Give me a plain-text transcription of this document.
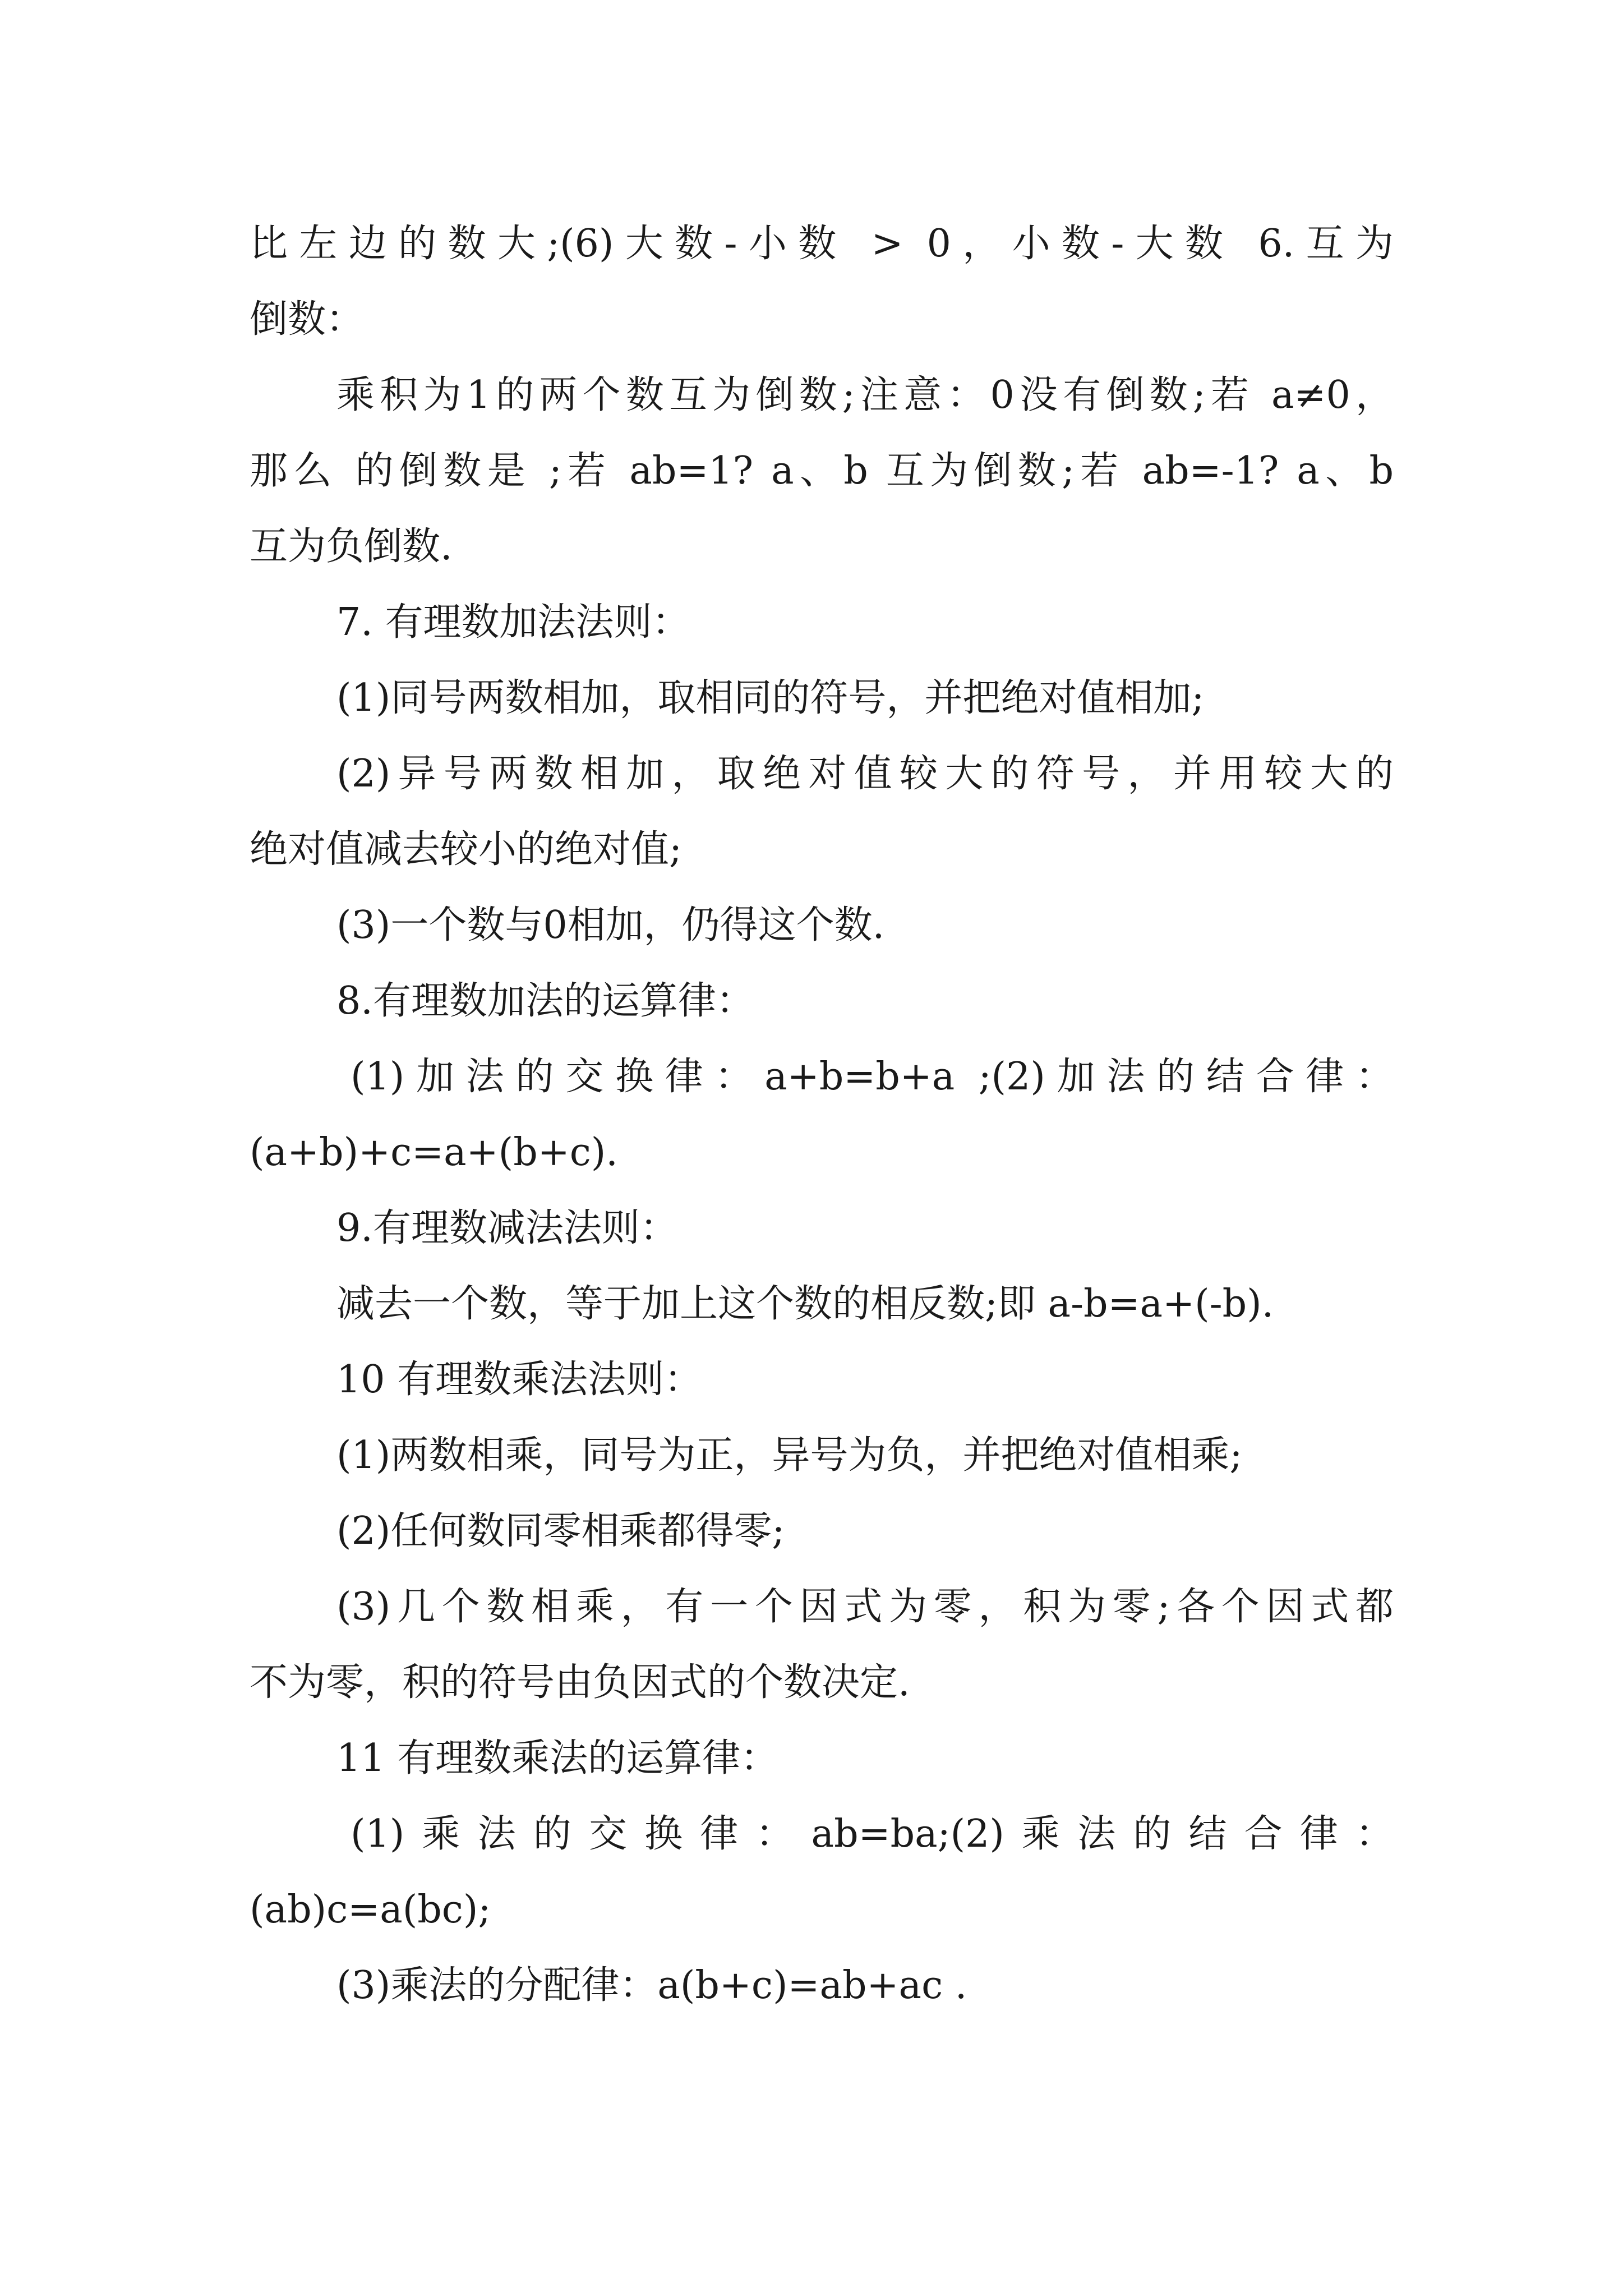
比左边的数大;(6)大数-小数 > 0，小数-大数 6.互为
倒数：
乘积为1的两个数互为倒数;注意：0没有倒数;若 a≠0，
那么 的倒数是 ;若 ab=1? a、b 互为倒数;若 ab=-1? a、b
互为负倒数.
7. 有理数加法法则：
(1)同号两数相加，取相同的符号，并把绝对值相加;
(2)异号两数相加，取绝对值较大的符号，并用较大的
绝对值减去较小的绝对值;
(3)一个数与0相加，仍得这个数.
8.有理数加法的运算律：
(1)加法的交换律：a+b=b+a ;(2)加法的结合律：
(a+b)+c=a+(b+c).
9.有理数减法法则：
减去一个数，等于加上这个数的相反数;即 a-b=a+(-b).
10 有理数乘法法则：
(1)两数相乘，同号为正，异号为负，并把绝对值相乘;
(2)任何数同零相乘都得零;
(3)几个数相乘，有一个因式为零，积为零;各个因式都
不为零，积的符号由负因式的个数决定.
11 有理数乘法的运算律：
(1)乘法的交换律：ab=ba;(2)乘法的结合律：
(ab)c=a(bc);
(3)乘法的分配律：a(b+c)=ab+ac .
